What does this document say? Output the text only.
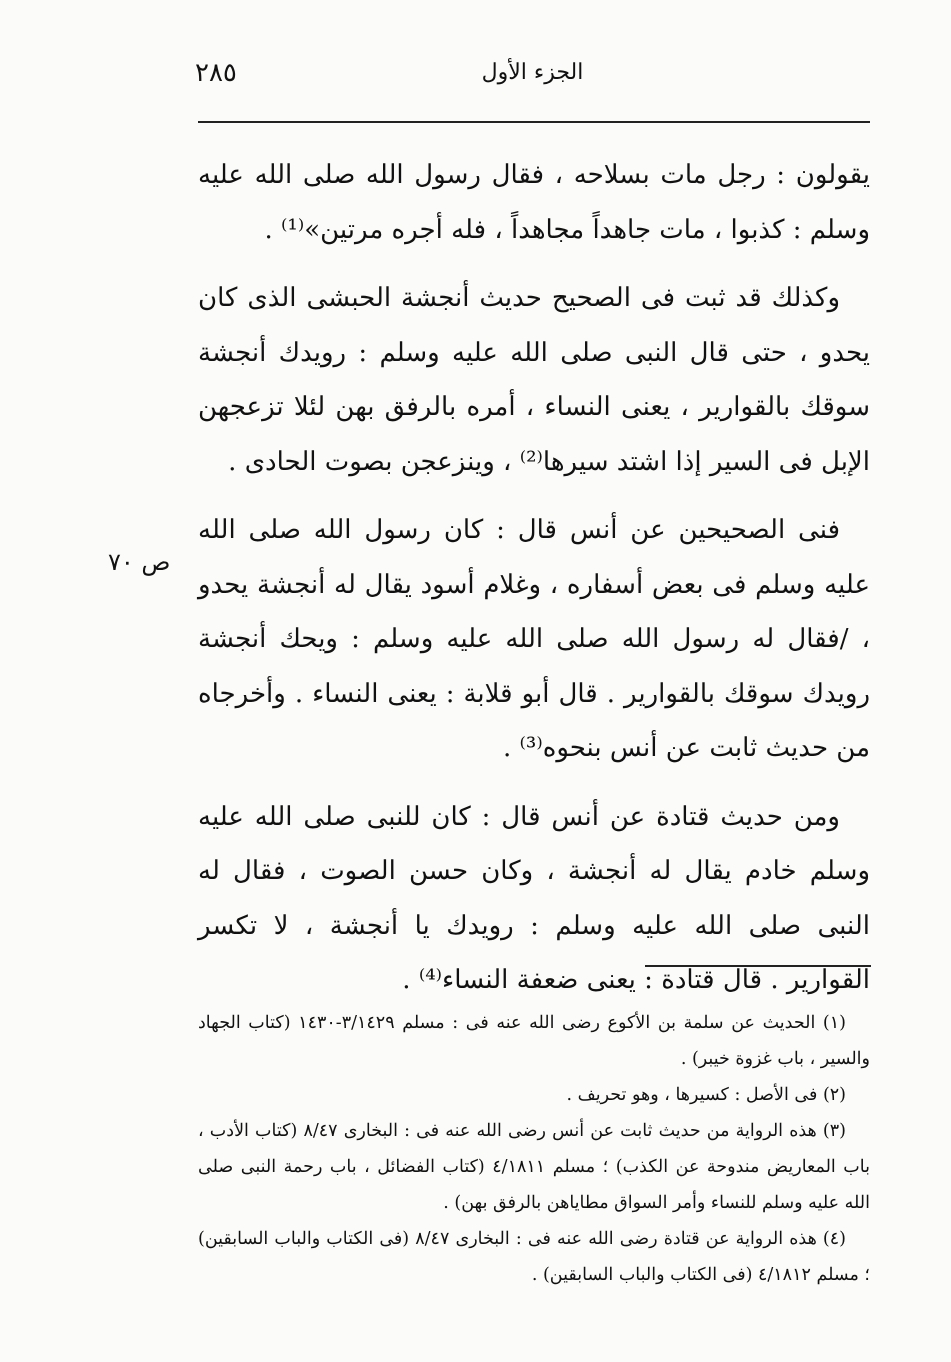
الجزء الأول
٢٨٥

يقولون : رجل مات بسلاحه ، فقال رسول الله صلى الله عليه وسلم : كذبوا ، مات جاهداً مجاهداً ، فله أجره مرتين»⁽¹⁾ .

وكذلك قد ثبت فى الصحيح حديث أنجشة الحبشى الذى كان يحدو ، حتى قال النبى صلى الله عليه وسلم : رويدك أنجشة سوقك بالقوارير ، يعنى النساء ، أمره بالرفق بهن لئلا تزعجهن الإبل فى السير إذا اشتد سيرها⁽²⁾ ، وينزعجن بصوت الحادى .

فنى الصحيحين عن أنس قال : كان رسول الله صلى الله عليه وسلم فى بعض أسفاره ، وغلام أسود يقال له أنجشة يحدو ، /فقال له رسول الله صلى الله عليه وسلم : ويحك أنجشة رويدك سوقك بالقوارير . قال أبو قلابة : يعنى النساء . وأخرجاه من حديث ثابت عن أنس بنحوه⁽³⁾ .

ومن حديث قتادة عن أنس قال : كان للنبى صلى الله عليه وسلم خادم يقال له أنجشة ، وكان حسن الصوت ، فقال له النبى صلى الله عليه وسلم : رويدك يا أنجشة ، لا تكسر القوارير . قال قتادة : يعنى ضعفة النساء⁽⁴⁾ .

ص ٧٠

(١) الحديث عن سلمة بن الأكوع رضى الله عنه فى : مسلم ٣/١٤٢٩-١٤٣٠ (كتاب الجهاد والسير ، باب غزوة خيبر) .

(٢) فى الأصل : كسيرها ، وهو تحريف .

(٣) هذه الرواية من حديث ثابت عن أنس رضى الله عنه فى : البخارى ٨/٤٧ (كتاب الأدب ، باب المعاريض مندوحة عن الكذب) ؛ مسلم ٤/١٨١١ (كتاب الفضائل ، باب رحمة النبى صلى الله عليه وسلم للنساء وأمر السواق مطاياهن بالرفق بهن) .

(٤) هذه الرواية عن قتادة رضى الله عنه فى : البخارى ٨/٤٧ (فى الكتاب والباب السابقين) ؛ مسلم ٤/١٨١٢ (فى الكتاب والباب السابقين) .
